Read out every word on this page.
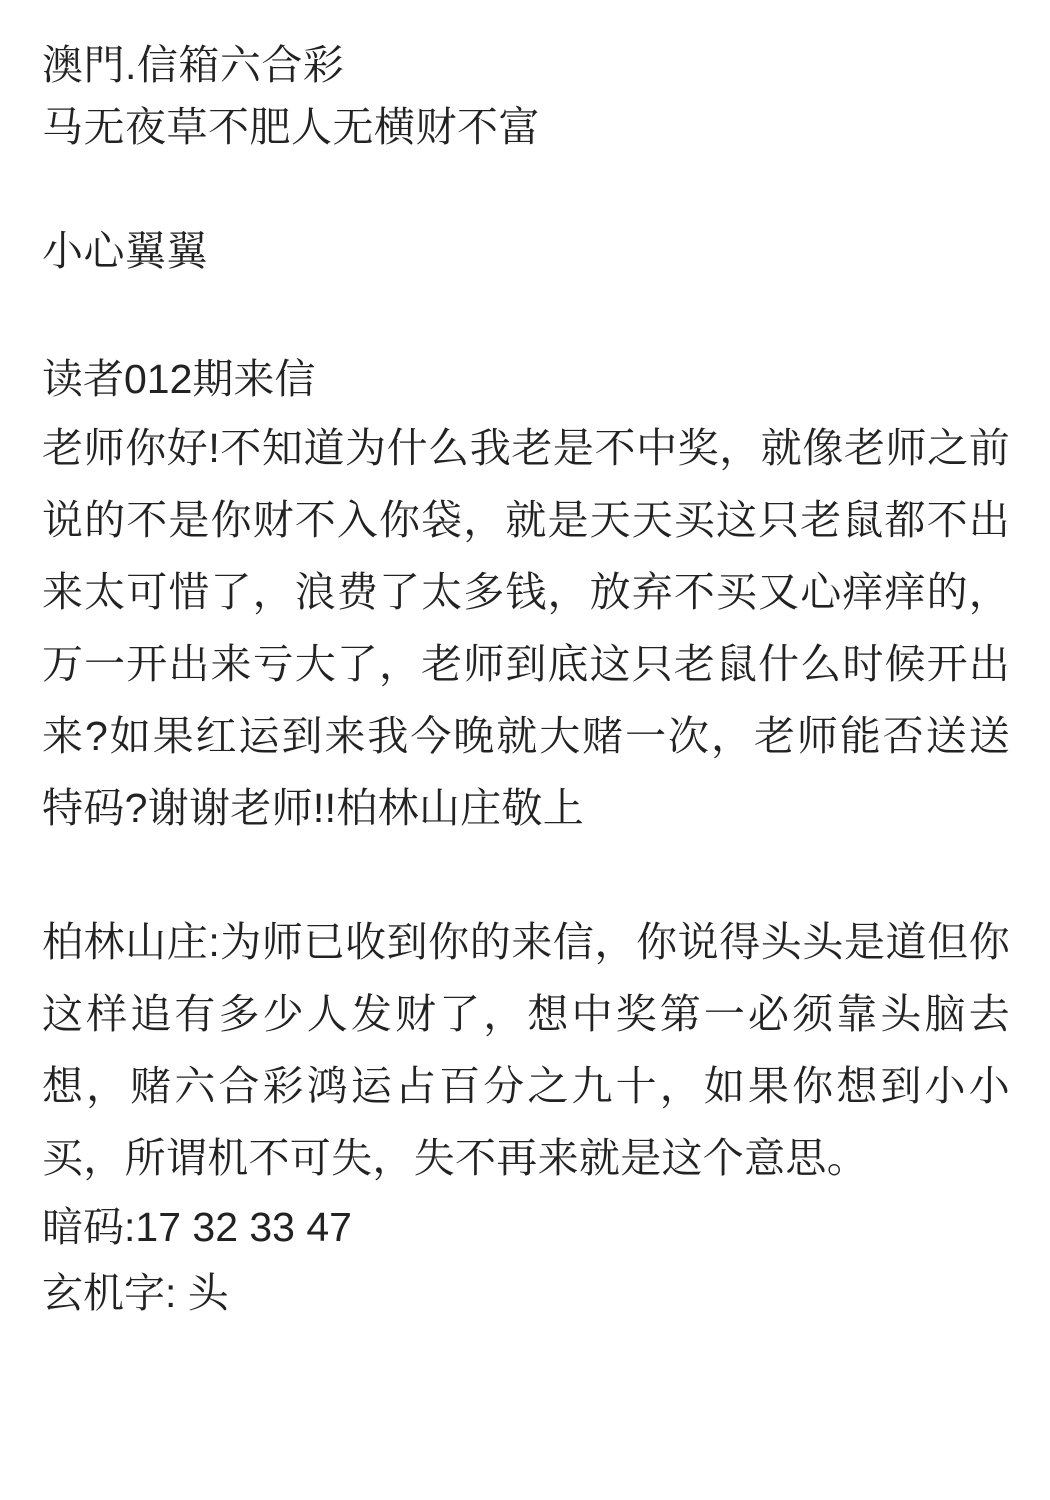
澳門.信箱六合彩
马无夜草不肥人无横财不富
小心翼翼
读者012期来信
老师你好!不知道为什么我老是不中奖，就像老师之前说的不是你财不入你袋，就是天天买这只老鼠都不出来太可惜了，浪费了太多钱，放弃不买又心痒痒的，万一开出来亏大了，老师到底这只老鼠什么时候开出来?如果红运到来我今晚就大赌一次，老师能否送送特码?谢谢老师!!柏林山庄敬上
柏林山庄:为师已收到你的来信，你说得头头是道但你这样追有多少人发财了，想中奖第一必须靠头脑去想，赌六合彩鸿运占百分之九十，如果你想到小小买，所谓机不可失，失不再来就是这个意思。
暗码:17 32 33 47
玄机字: 头
